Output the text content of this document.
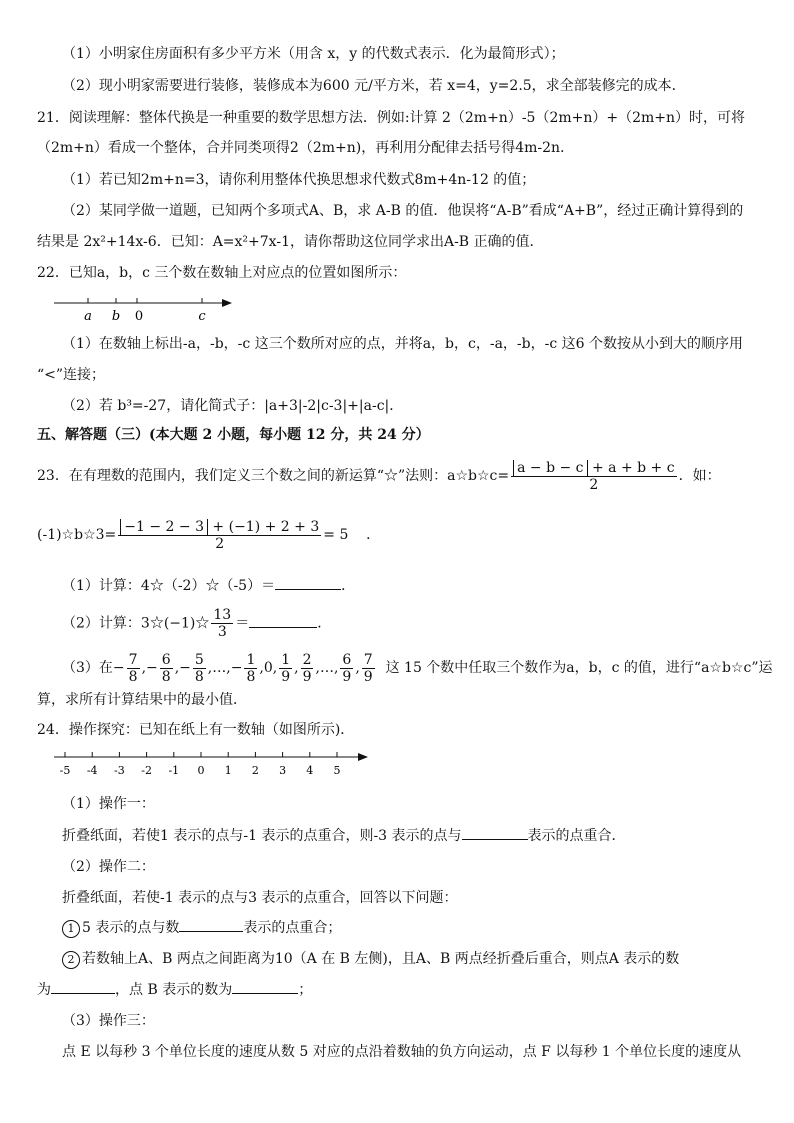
（1）小明家住房面积有多少平方米（用含 x，y 的代数式表示．化为最简形式）；
（2）现小明家需要进行装修，装修成本为600 元/平方米，若 x=4，y=2.5，求全部装修完的成本．
21．阅读理解：整体代换是一种重要的数学思想方法．例如:计算 2（2m+n）-5（2m+n）+（2m+n）时，可将
（2m+n）看成一个整体，合并同类项得2（2m+n)，再利用分配律去括号得4m-2n．
（1）若已知2m+n=3，请你利用整体代换思想求代数式8m+4n-12 的值；
（2）某同学做一道题，已知两个多项式A、B，求 A-B 的值．他误将“A-B”看成“A+B”，经过正确计算得到的
结果是 2x²+14x-6．已知：A=x²+7x-1，请你帮助这位同学求出A-B 正确的值．
22．已知a，b，c 三个数在数轴上对应点的位置如图所示：
a b 0	c
（1）在数轴上标出-a，-b，-c 这三个数所对应的点，并将a，b，c，-a，-b，-c 这6 个数按从小到大的顺序用
“<”连接；
（2）若 b³=-27，请化简式子：|a+3|-2|c-3|+|a-c|．
五、解答题（三）(本大题 2 小题，每小题 12 分，共 24 分）
23．在有理数的范围内，我们定义三个数之间的新运算“☆”法则：a☆b☆c= $\frac{a - b - c + a + b + c}{2}$ ．如：
(-1)☆b☆3= $\frac{-1 - 2 - 3 + (-1) + 2 + 3}{2} = 5$ ．
（1）计算：4☆（-2）☆（-5）＝	．
（2）计算：3☆(−1)☆ $\frac{13}{3}$ ＝	．
（3）在− $\frac{7}{8}$ ,− $\frac{6}{8}$ ,− $\frac{5}{8}$ ,…,− $\frac{1}{8} ,0$, $\frac{1}{9}$ , $\frac{2}{9}$ ,…, $\frac{6}{9}$ , $\frac{7}{9}$ 这 15 个数中任取三个数作为a，b，c 的值，进行“a☆b☆c”运
算，求所有计算结果中的最小值．
24．操作探究：已知在纸上有一数轴（如图所示)．
-5 -4 -3 -2 -1 0 1 2 3 4 5
（1）操作一：
折叠纸面，若使1 表示的点与-1 表示的点重合，则-3 表示的点与	表示的点重合．
（2）操作二：
折叠纸面，若使-1 表示的点与3 表示的点重合，回答以下问题：
1 5 表示的点与数	表示的点重合；
2 若数轴上A、B 两点之间距离为10（A 在 B 左侧)，且A、B 两点经折叠后重合，则点A 表示的数
为	，点 B 表示的数为	；
（3）操作三：
点 E 以每秒 3 个单位长度的速度从数 5 对应的点沿着数轴的负方向运动，点 F 以每秒 1 个单位长度的速度从
